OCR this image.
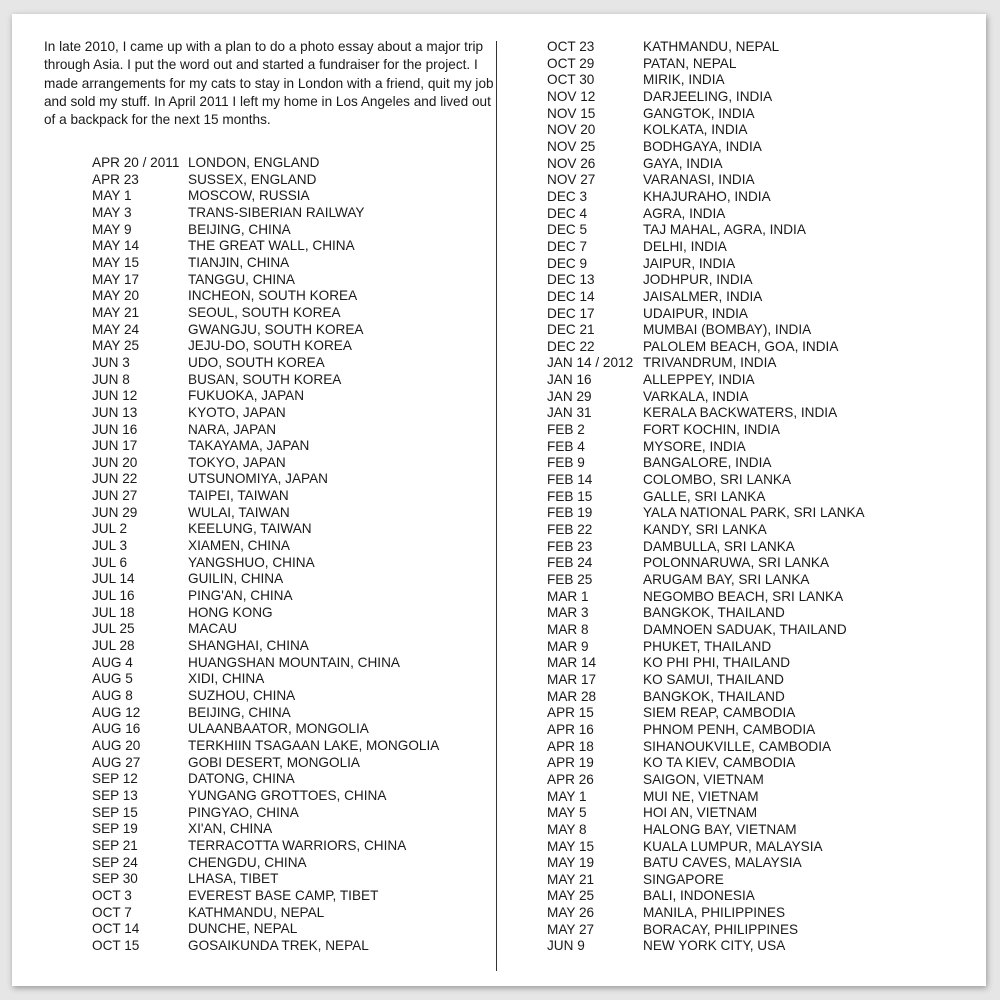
In late 2010, I came up with a plan to do a photo essay about a major trip through Asia. I put the word out and started a fundraiser for the project. I made arrangements for my cats to stay in London with a friend, quit my job and sold my stuff. In April 2011 I left my home in Los Angeles and lived out of a backpack for the next 15 months.

APR 20 / 2011 LONDON, ENGLAND
APR 23	SUSSEX, ENGLAND
MAY 1	MOSCOW, RUSSIA
MAY 3	TRANS-SIBERIAN RAILWAY
MAY 9	BEIJING, CHINA
MAY 14	THE GREAT WALL, CHINA
MAY 15	TIANJIN, CHINA
MAY 17	TANGGU, CHINA
MAY 20	INCHEON, SOUTH KOREA
MAY 21	SEOUL, SOUTH KOREA
MAY 24	GWANGJU, SOUTH KOREA
MAY 25	JEJU-DO, SOUTH KOREA
JUN 3	UDO, SOUTH KOREA
JUN 8	BUSAN, SOUTH KOREA
JUN 12	FUKUOKA, JAPAN
JUN 13	KYOTO, JAPAN
JUN 16	NARA, JAPAN
JUN 17	TAKAYAMA, JAPAN
JUN 20	TOKYO, JAPAN
JUN 22	UTSUNOMIYA, JAPAN
JUN 27	TAIPEI, TAIWAN
JUN 29	WULAI, TAIWAN
JUL 2	KEELUNG, TAIWAN
JUL 3	XIAMEN, CHINA
JUL 6	YANGSHUO, CHINA
JUL 14	GUILIN, CHINA
JUL 16	PING'AN, CHINA
JUL 18	HONG KONG
JUL 25	MACAU
JUL 28	SHANGHAI, CHINA
AUG 4	HUANGSHAN MOUNTAIN, CHINA
AUG 5	XIDI, CHINA
AUG 8	SUZHOU, CHINA
AUG 12	BEIJING, CHINA
AUG 16	ULAANBAATOR, MONGOLIA
AUG 20	TERKHIIN TSAGAAN LAKE, MONGOLIA
AUG 27	GOBI DESERT, MONGOLIA
SEP 12	DATONG, CHINA
SEP 13	YUNGANG GROTTOES, CHINA
SEP 15	PINGYAO, CHINA
SEP 19	XI'AN, CHINA
SEP 21	TERRACOTTA WARRIORS, CHINA
SEP 24	CHENGDU, CHINA
SEP 30	LHASA, TIBET
OCT 3	EVEREST BASE CAMP, TIBET
OCT 7	KATHMANDU, NEPAL
OCT 14	DUNCHE, NEPAL
OCT 15	GOSAIKUNDA TREK, NEPAL
OCT 23	KATHMANDU, NEPAL
OCT 29	PATAN, NEPAL
OCT 30	MIRIK, INDIA
NOV 12	DARJEELING, INDIA
NOV 15	GANGTOK, INDIA
NOV 20	KOLKATA, INDIA
NOV 25	BODHGAYA, INDIA
NOV 26	GAYA, INDIA
NOV 27	VARANASI, INDIA
DEC 3	KHAJURAHO, INDIA
DEC 4	AGRA, INDIA
DEC 5	TAJ MAHAL, AGRA, INDIA
DEC 7	DELHI, INDIA
DEC 9	JAIPUR, INDIA
DEC 13	JODHPUR, INDIA
DEC 14	JAISALMER, INDIA
DEC 17	UDAIPUR, INDIA
DEC 21	MUMBAI (BOMBAY), INDIA
DEC 22	PALOLEM BEACH, GOA, INDIA
JAN 14 / 2012 TRIVANDRUM, INDIA
JAN 16	ALLEPPEY, INDIA
JAN 29	VARKALA, INDIA
JAN 31	KERALA BACKWATERS, INDIA
FEB 2	FORT KOCHIN, INDIA
FEB 4	MYSORE, INDIA
FEB 9	BANGALORE, INDIA
FEB 14	COLOMBO, SRI LANKA
FEB 15	GALLE, SRI LANKA
FEB 19	YALA NATIONAL PARK, SRI LANKA
FEB 22	KANDY, SRI LANKA
FEB 23	DAMBULLA, SRI LANKA
FEB 24	POLONNARUWA, SRI LANKA
FEB 25	ARUGAM BAY, SRI LANKA
MAR 1	NEGOMBO BEACH, SRI LANKA
MAR 3	BANGKOK, THAILAND
MAR 8	DAMNOEN SADUAK, THAILAND
MAR 9	PHUKET, THAILAND
MAR 14	KO PHI PHI, THAILAND
MAR 17	KO SAMUI, THAILAND
MAR 28	BANGKOK, THAILAND
APR 15	SIEM REAP, CAMBODIA
APR 16	PHNOM PENH, CAMBODIA
APR 18	SIHANOUKVILLE, CAMBODIA
APR 19	KO TA KIEV, CAMBODIA
APR 26	SAIGON, VIETNAM
MAY 1	MUI NE, VIETNAM
MAY 5	HOI AN, VIETNAM
MAY 8	HALONG BAY, VIETNAM
MAY 15	KUALA LUMPUR, MALAYSIA
MAY 19	BATU CAVES, MALAYSIA
MAY 21	SINGAPORE
MAY 25	BALI, INDONESIA
MAY 26	MANILA, PHILIPPINES
MAY 27	BORACAY, PHILIPPINES
JUN 9	NEW YORK CITY, USA
